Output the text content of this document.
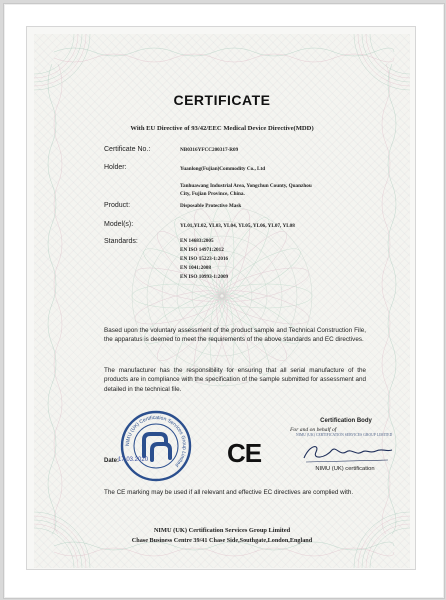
CERTIFICATE
With EU Directive of 93/42/EEC Medical Device Directive(MDD)
Certificate No.:	NB0316YFCC200317-R09
Holder:	Yuanlong(Fujian)Commodity Co., Ltd
Tanhuawang Industrial Area, Yongchun County, Quanzhou
City, Fujian Province, China.
Product:	Disposable Protective Mask
Model(s):	YL01,YL02, YL03, YL04, YL05, YL06, YL07, YL08
Standards:	EN 14683:2005
EN ISO 14971:2012
EN ISO 15223-1:2016
EN 1041:2008
EN ISO 10993-1:2009
Based upon the voluntary assessment of the product sample and Technical Construction File, the apparatus is deemed to meet the requirements of the above standards and EC directives.
The manufacturer has the responsibility for ensuring that all serial manufacture of the products are in compliance with the specification of the sample submitted for assessment and detailed in the technical file.
NIMU (UK) Certification Services Group Limited CE
Certification Body
For and on behalf of
NIMU (UK) CERTIFICATION SERVICES GROUP LIMITED
NIMU (UK) certification
Date:
17.03.2020
The CE marking may be used if all relevant and effective EC directives are complied with.
NIMU (UK) Certification Services Group Limited
Chase Business Centre 39/41 Chase Side,Southgate,London,England
